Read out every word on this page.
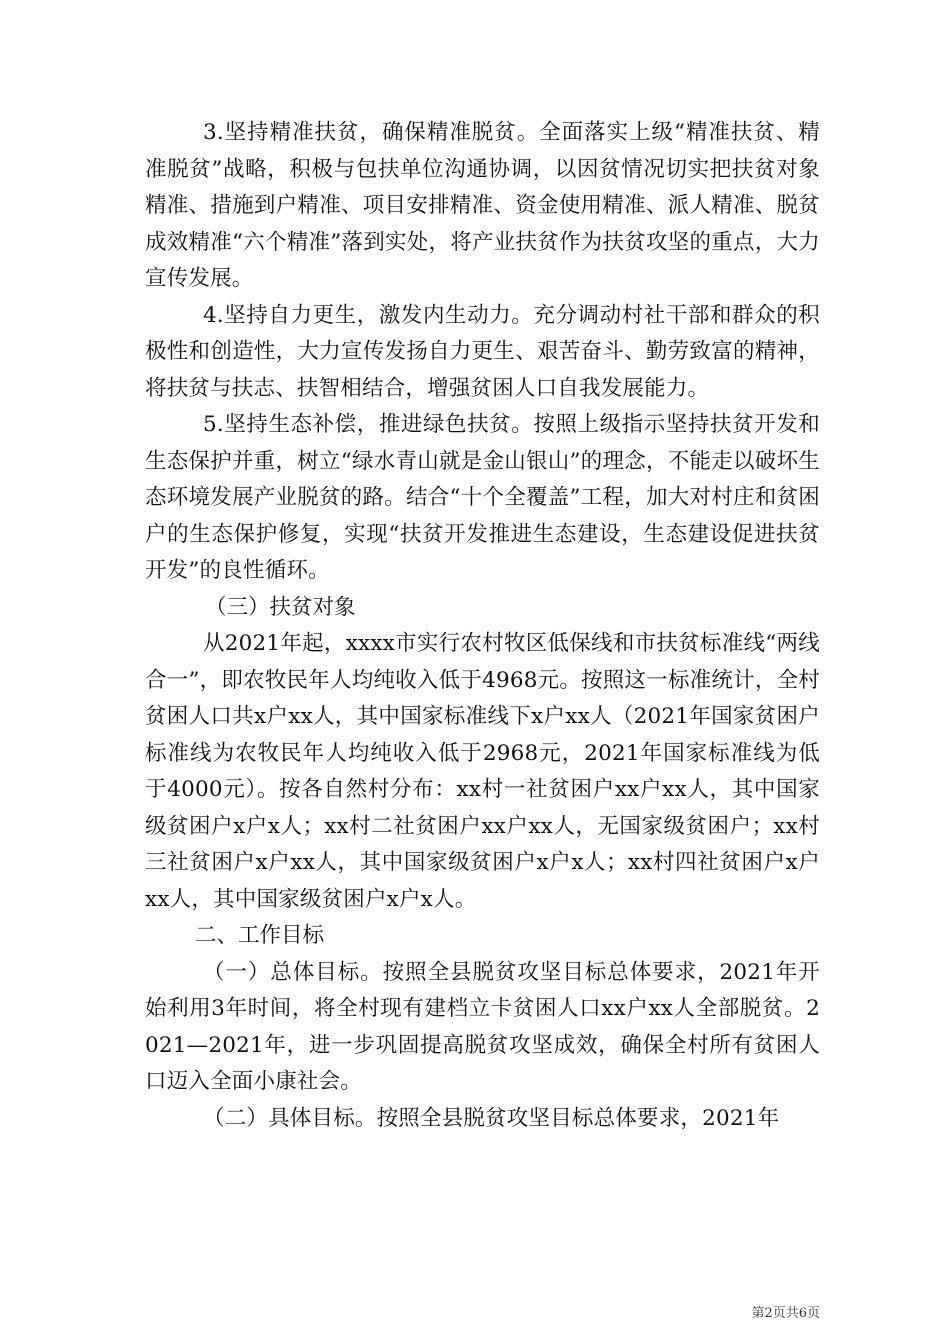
3.坚持精准扶贫，确保精准脱贫。全面落实上级“精准扶贫、精准脱贫”战略，积极与包扶单位沟通协调，以因贫情况切实把扶贫对象精准、措施到户精准、项目安排精准、资金使用精准、派人精准、脱贫成效精准“六个精准”落到实处，将产业扶贫作为扶贫攻坚的重点，大力宣传发展。

4.坚持自力更生，激发内生动力。充分调动村社干部和群众的积极性和创造性，大力宣传发扬自力更生、艰苦奋斗、勤劳致富的精神，将扶贫与扶志、扶智相结合，增强贫困人口自我发展能力。

5.坚持生态补偿，推进绿色扶贫。按照上级指示坚持扶贫开发和生态保护并重，树立“绿水青山就是金山银山”的理念，不能走以破坏生态环境发展产业脱贫的路。结合“十个全覆盖”工程，加大对村庄和贫困户的生态保护修复，实现“扶贫开发推进生态建设，生态建设促进扶贫开发”的良性循环。

（三）扶贫对象

从2021年起，xxxx市实行农村牧区低保线和市扶贫标准线“两线合一”，即农牧民年人均纯收入低于4968元。按照这一标准统计，全村贫困人口共x户xx人，其中国家标准线下x户xx人（2021年国家贫困户标准线为农牧民年人均纯收入低于2968元，2021年国家标准线为低于4000元）。按各自然村分布：xx村一社贫困户xx户xx人，其中国家级贫困户x户x人；xx村二社贫困户xx户xx人，无国家级贫困户；xx村三社贫困户x户xx人，其中国家级贫困户x户x人；xx村四社贫困户x户xx人，其中国家级贫困户x户x人。

二、工作目标

（一）总体目标。按照全县脱贫攻坚目标总体要求，2021年开始利用3年时间，将全村现有建档立卡贫困人口xx户xx人全部脱贫。2021—2021年，进一步巩固提高脱贫攻坚成效，确保全村所有贫困人口迈入全面小康社会。

（二）具体目标。按照全县脱贫攻坚目标总体要求，2021年

第2页共6页
